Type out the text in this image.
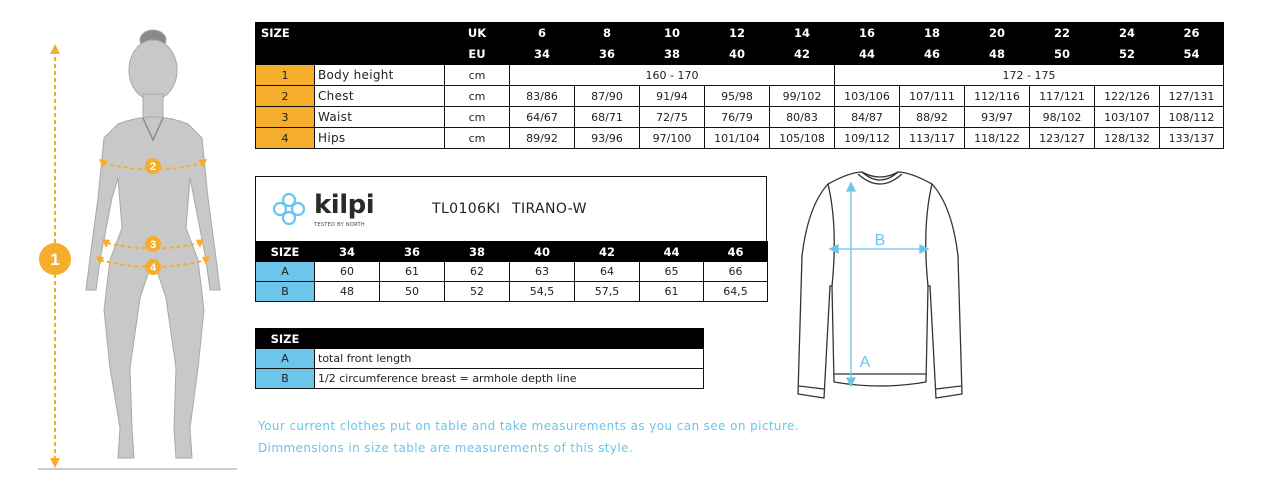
1
2
3
4
SIZE		UK	6	8	10	12	14	16	18	20	22	24	26
		EU	34	36	38	40	42	44	46	48	50	52	54
1	Body height	cm	160 - 170					172 - 175					
2	Chest	cm	83/86	87/90	91/94	95/98	99/102	103/106	107/111	112/116	117/121	122/126	127/131
3	Waist	cm	64/67	68/71	72/75	76/79	80/83	84/87	88/92	93/97	98/102	103/107	108/112
4	Hips	cm	89/92	93/96	97/100	101/104	105/108	109/112	113/117	118/122	123/127	128/132	133/137
kilpi
TESTED BY NORTH
TL0106KI TIRANO-W
SIZE	34	36	38	40	42	44	46
A	60	61	62	63	64	65	66
B	48	50	52	54,5	57,5	61	64,5
SIZE	
A	total front length
B	1/2 circumference breast = armhole depth line
B
A
Your current clothes put on table and take measurements as you can see on picture.
Dimmensions in size table are measurements of this style.
